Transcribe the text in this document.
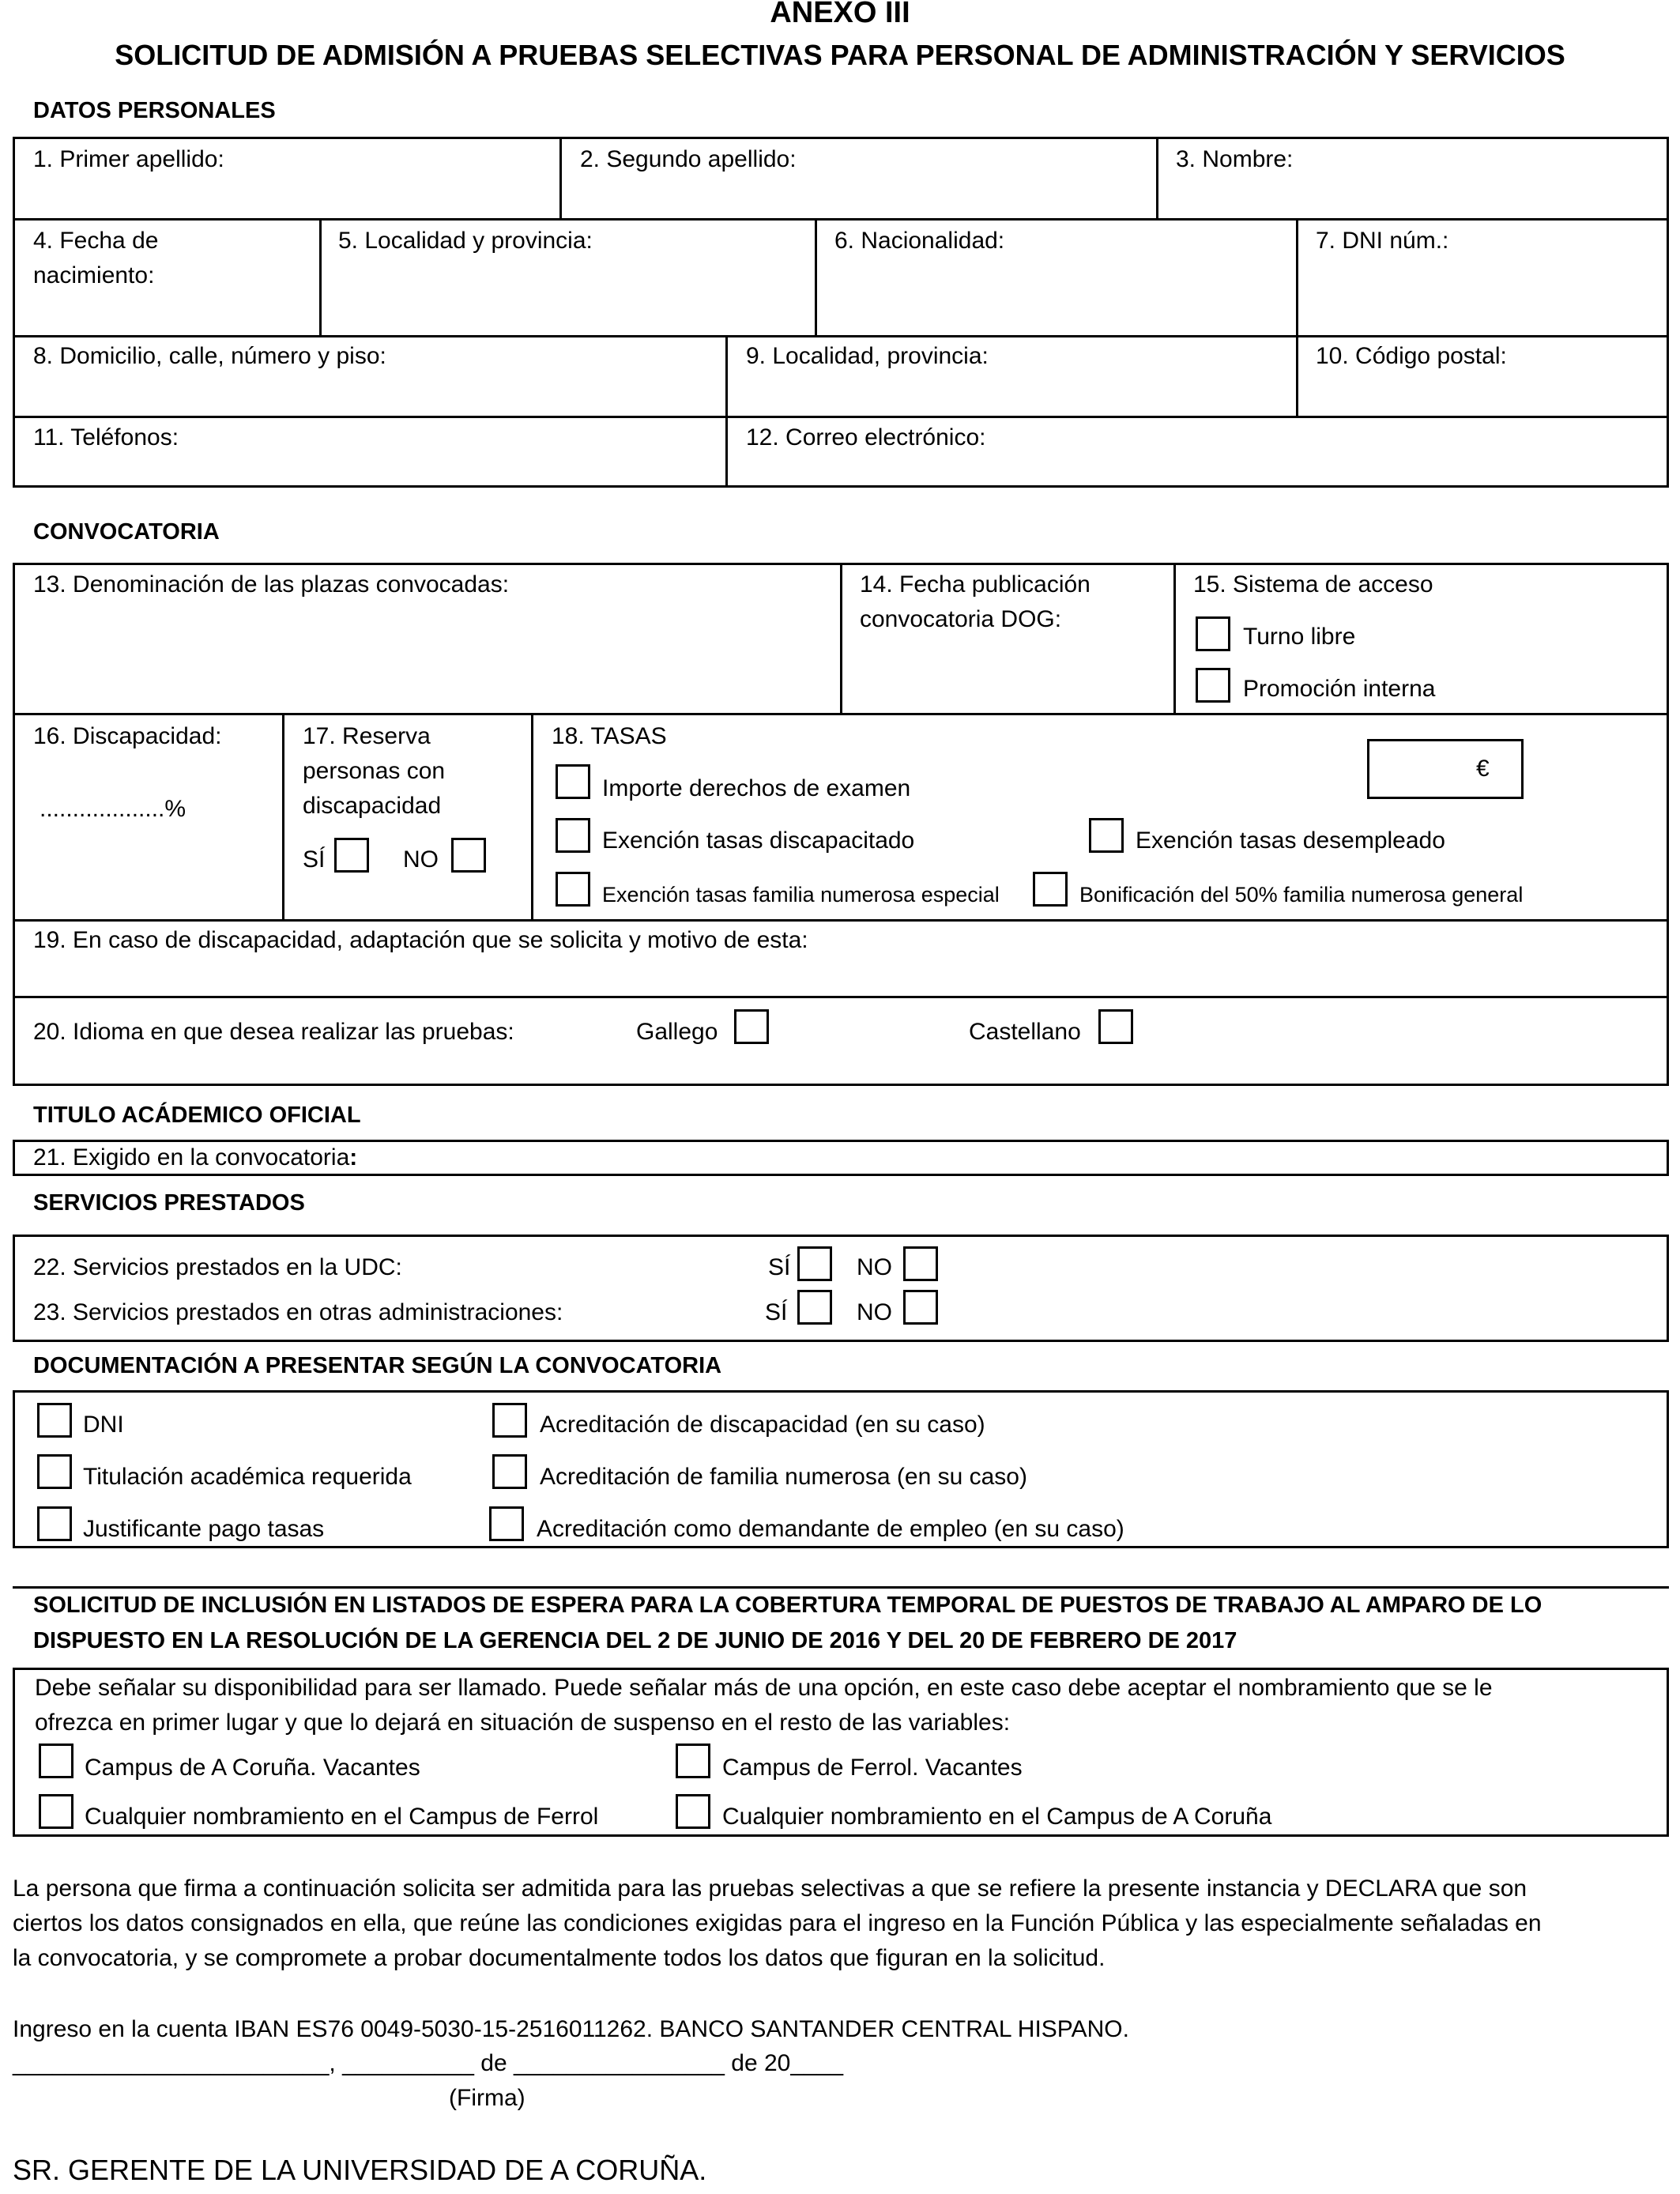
ANEXO III
SOLICITUD DE ADMISIÓN A PRUEBAS SELECTIVAS PARA PERSONAL DE ADMINISTRACIÓN Y SERVICIOS
DATOS PERSONALES
1. Primer apellido:	2. Segundo apellido:	3. Nombre:
4. Fecha de
nacimiento:
5. Localidad y provincia:	6. Nacionalidad:	7. DNI núm.:
8. Domicilio, calle, número y piso:	9. Localidad, provincia:	10. Código postal:
11. Teléfonos:	12. Correo electrónico:
CONVOCATORIA
13. Denominación de las plazas convocadas:	14. Fecha publicación
convocatoria DOG:
15. Sistema de acceso
Turno libre
Promoción interna
16. Discapacidad:
...................%
17. Reserva
personas con
discapacidad
SÍ	NO
18. TASAS
€
Importe derechos de examen
Exención tasas discapacitado	Exención tasas desempleado
Exención tasas familia numerosa especial	Bonificación del 50% familia numerosa general
19. En caso de discapacidad, adaptación que se solicita y motivo de esta:
20. Idioma en que desea realizar las pruebas:	Gallego	Castellano
TITULO ACÁDEMICO OFICIAL
21. Exigido en la convocatoria:
SERVICIOS PRESTADOS
22. Servicios prestados en la UDC:	SÍ	NO
23. Servicios prestados en otras administraciones:	SÍ	NO
DOCUMENTACIÓN A PRESENTAR SEGÚN LA CONVOCATORIA
DNI
Titulación académica requerida
Justificante pago tasas
Acreditación de discapacidad (en su caso)
Acreditación de familia numerosa (en su caso)
Acreditación como demandante de empleo (en su caso)
SOLICITUD DE INCLUSIÓN EN LISTADOS DE ESPERA PARA LA COBERTURA TEMPORAL DE PUESTOS DE TRABAJO AL AMPARO DE LO
DISPUESTO EN LA RESOLUCIÓN DE LA GERENCIA DEL 2 DE JUNIO DE 2016 Y DEL 20 DE FEBRERO DE 2017
Debe señalar su disponibilidad para ser llamado. Puede señalar más de una opción, en este caso debe aceptar el nombramiento que se le
ofrezca en primer lugar y que lo dejará en situación de suspenso en el resto de las variables:
Campus de A Coruña. Vacantes	Campus de Ferrol. Vacantes
Cualquier nombramiento en el Campus de Ferrol	Cualquier nombramiento en el Campus de A Coruña
La persona que firma a continuación solicita ser admitida para las pruebas selectivas a que se refiere la presente instancia y DECLARA que son
ciertos los datos consignados en ella, que reúne las condiciones exigidas para el ingreso en la Función Pública y las especialmente señaladas en
la convocatoria, y se compromete a probar documentalmente todos los datos que figuran en la solicitud.
Ingreso en la cuenta IBAN ES76 0049-5030-15-2516011262. BANCO SANTANDER CENTRAL HISPANO.
________________________, __________ de ________________ de 20____
(Firma)
SR. GERENTE DE LA UNIVERSIDAD DE A CORUÑA.
